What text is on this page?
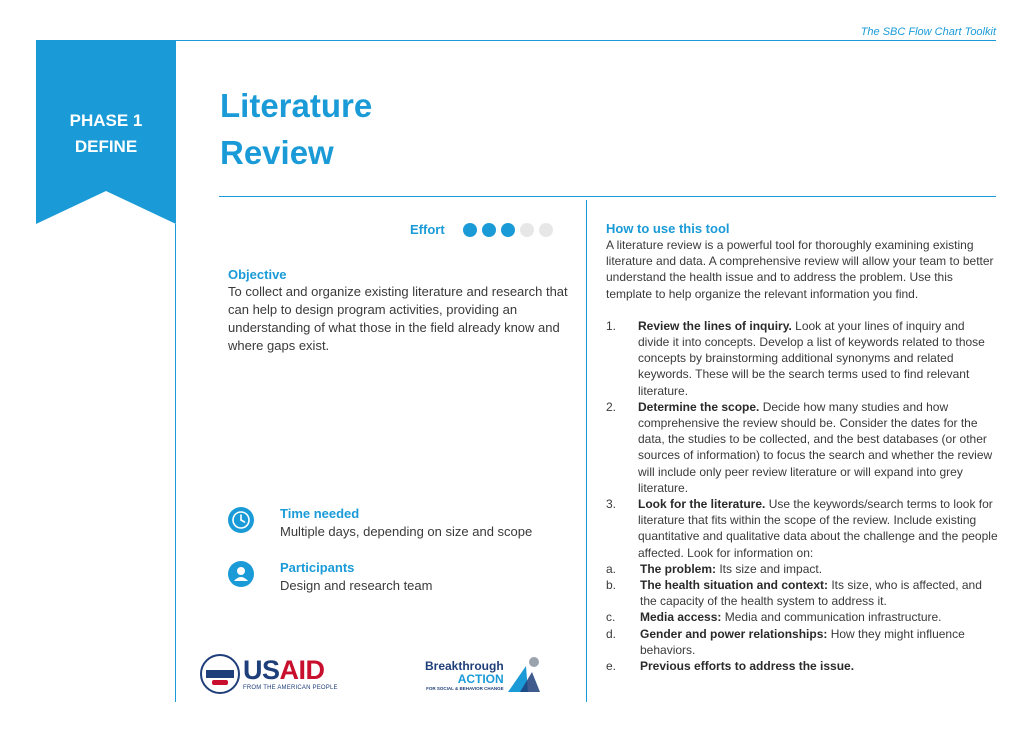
The SBC Flow Chart Toolkit
PHASE 1
DEFINE
Literature
Review
Effort
Objective
To collect and organize existing literature and research that can help to design program activities, providing an understanding of what those in the field already know and where gaps exist.
Time needed
Multiple days, depending on size and scope
Participants
Design and research team
USAID
FROM THE AMERICAN PEOPLE
Breakthrough
ACTION
FOR SOCIAL & BEHAVIOR CHANGE
How to use this tool
A literature review is a powerful tool for thoroughly examining existing literature and data. A comprehensive review will allow your team to better understand the health issue and to address the problem. Use this template to help organize the relevant information you find.
1.	Review the lines of inquiry. Look at your lines of inquiry and divide it into concepts. Develop a list of keywords related to those concepts by brainstorming additional synonyms and related keywords. These will be the search terms used to find relevant literature.
2.	Determine the scope. Decide how many studies and how comprehensive the review should be. Consider the dates for the data, the studies to be collected, and the best databases (or other sources of information) to focus the search and whether the review will include only peer review literature or will expand into grey literature.
3.	Look for the literature. Use the keywords/search terms to look for literature that fits within the scope of the review. Include existing quantitative and qualitative data about the challenge and the people affected. Look for information on:
a.	The problem: Its size and impact.
b.	The health situation and context: Its size, who is affected, and the capacity of the health system to address it.
c.	Media access: Media and communication infrastructure.
d.	Gender and power relationships: How they might influence behaviors.
e.	Previous efforts to address the issue.
